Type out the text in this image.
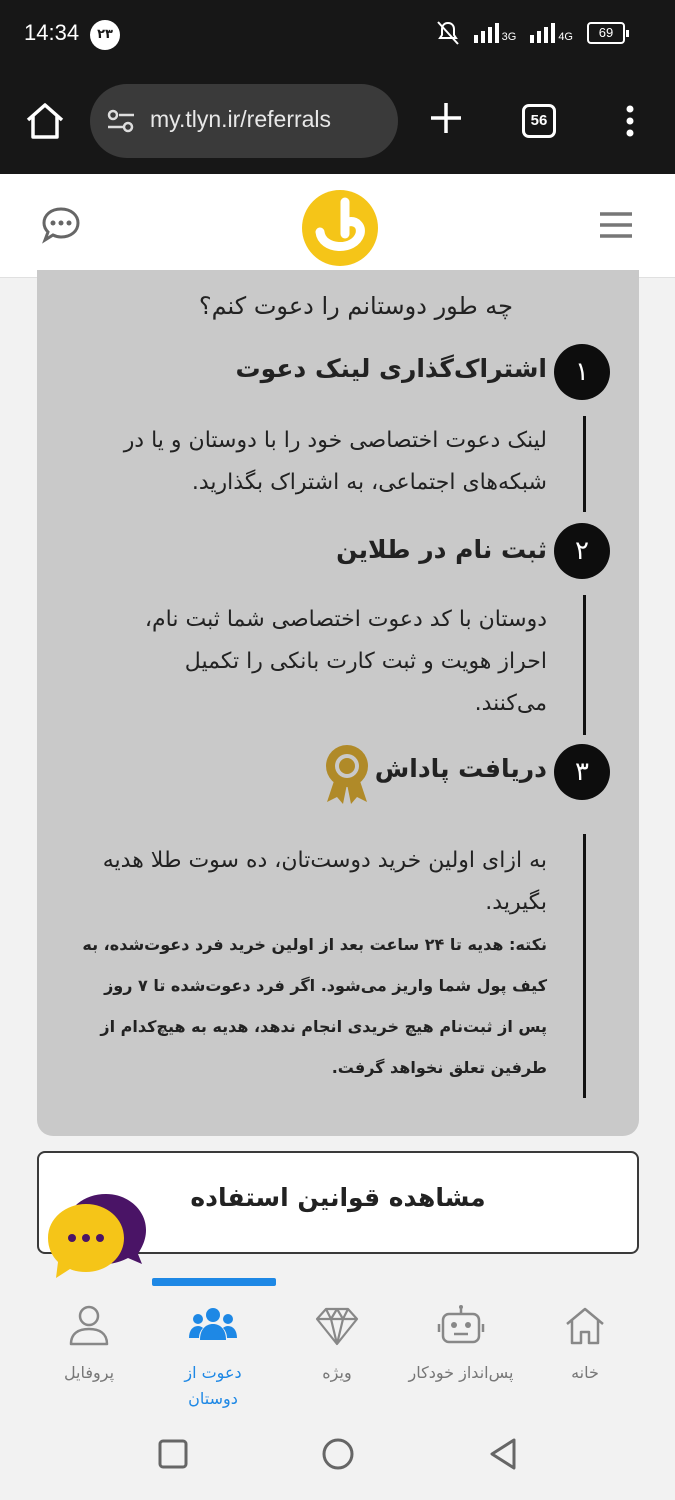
14:34	۲۳	3G	4G	69
my.tlyn.ir/referrals	56
چه طور دوستانم را دعوت کنم؟
۱
اشتراک‌گذاری لینک دعوت
لینک دعوت اختصاصی خود را با دوستان و یا در شبکه‌های اجتماعی، به اشتراک بگذارید.
۲
ثبت نام در طلاین
دوستان با کد دعوت اختصاصی شما ثبت نام، احراز هویت و ثبت کارت بانکی را تکمیل می‌کنند.
۳
دریافت پاداش
به ازای اولین خرید دوست‌تان، ده سوت طلا هدیه بگیرید.
نکته: هدیه تا ۲۴ ساعت بعد از اولین خرید فرد دعوت‌شده، به کیف پول شما واریز می‌شود. اگر فرد دعوت‌شده تا ۷ روز پس از ثبت‌نام هیچ خریدی انجام ندهد، هدیه به هیچ‌کدام از طرفین تعلق نخواهد گرفت.
مشاهده قوانین استفاده
خانه
پس‌انداز خودکار
ویژه
دعوت از دوستان
پروفایل
